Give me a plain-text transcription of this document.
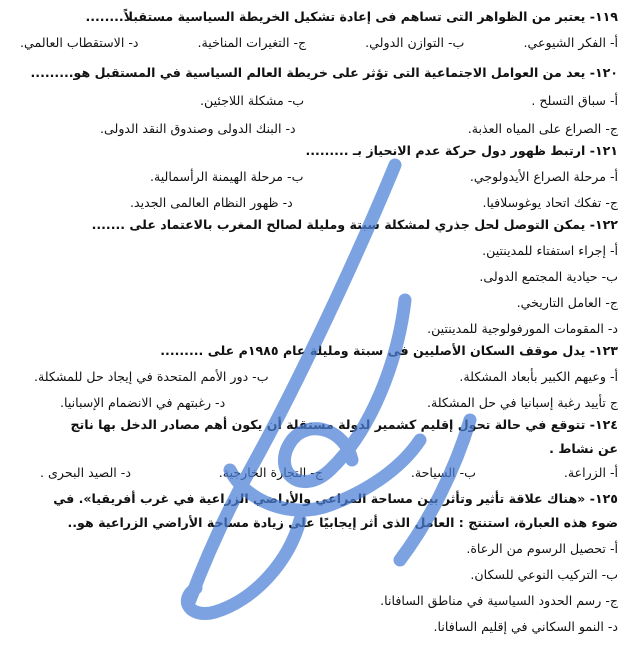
١١٩- يعتبر من الظواهر التى تساهم فى إعادة تشكيل الخريطة السياسية مستقبلاً........
أ- الفكر الشيوعي.
ب- التوازن الدولي.
ج- التغيرات المناخية.
د- الاستقطاب العالمي.
١٢٠- يعد من العوامل الاجتماعية التى تؤثر على خريطة العالم السياسية في المستقبل هو.........
أ- سباق التسلح .
ب- مشكلة اللاجئين.
ج- الصراع على المياه العذبة.
د- البنك الدولى وصندوق النقد الدولى.
١٢١- ارتبط ظهور دول حركة عدم الانحياز بـ .........
أ- مرحلة الصراع الأيدولوجي.
ب- مرحلة الهيمنة الرأسمالية.
ج- تفكك اتحاد يوغوسلافيا.
د- ظهور النظام العالمى الجديد.
١٢٢- يمكن التوصل لحل جذري لمشكلة سبتة ومليلة لصالح المغرب بالاعتماد على .......
أ- إجراء استفتاء للمدينتين.
ب- حيادية المجتمع الدولى.
ج- العامل التاريخي.
د- المقومات المورفولوجية للمدينتين.
١٢٣- يدل موقف السكان الأصليين فى سبتة ومليلة عام ١٩٨٥م على .........
أ- وعيهم الكبير بأبعاد المشكلة.
ب- دور الأمم المتحدة في إيجاد حل للمشكلة.
ج تأييد رغبة إسبانيا في حل المشكلة.
د- رغبتهم في الانضمام الإسبانيا.
١٢٤- تتوقع في حالة تحول إقليم كشمير لدولة مستقلة أن يكون أهم مصادر الدخل بها ناتج
عن نشاط .
أ- الزراعة.
ب- السياحة.
ج- التجارة الخارجية.
د- الصيد البحرى .
١٢٥- «هناك علاقة تأثير وتأثر بين مساحة المراعي والأراضي الزراعية في غرب أفريقيا». في
ضوء هذه العبارة، استنتج : العامل الذى أثر إيجابيًا على زيادة مساحة الأراضي الزراعية هو..
أ- تحصيل الرسوم من الرعاة.
ب- التركيب النوعي للسكان.
ج- رسم الحدود السياسية في مناطق السافانا.
د- النمو السكاني في إقليم السافانا.
